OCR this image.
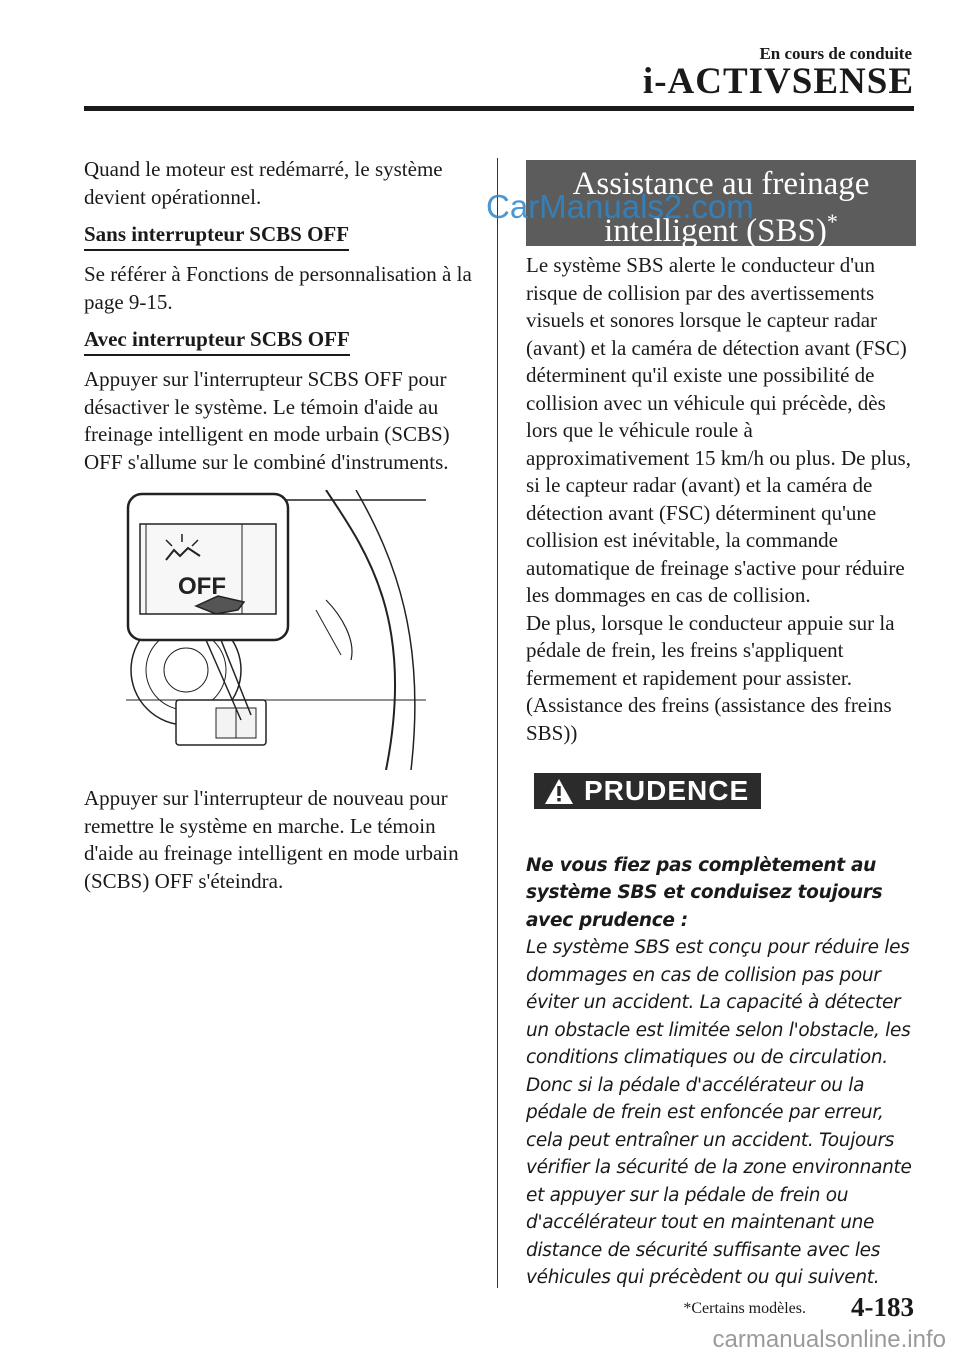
En cours de conduite
i-ACTIVSENSE
CarManuals2.com

Quand le moteur est redémarré, le système devient opérationnel.

Sans interrupteur SCBS OFF

Se référer à Fonctions de personnalisation à la page 9-15.

Avec interrupteur SCBS OFF

Appuyer sur l'interrupteur SCBS OFF pour désactiver le système. Le témoin d'aide au freinage intelligent en mode urbain (SCBS) OFF s'allume sur le combiné d'instruments.

OFF

Appuyer sur l'interrupteur de nouveau pour remettre le système en marche. Le témoin d'aide au freinage intelligent en mode urbain (SCBS) OFF s'éteindra.

Assistance au freinage
intelligent (SBS)*

Le système SBS alerte le conducteur d'un risque de collision par des avertissements visuels et sonores lorsque le capteur radar (avant) et la caméra de détection avant (FSC) déterminent qu'il existe une possibilité de collision avec un véhicule qui précède, dès lors que le véhicule roule à approximativement 15 km/h ou plus. De plus, si le capteur radar (avant) et la caméra de détection avant (FSC) déterminent qu'une collision est inévitable, la commande automatique de freinage s'active pour réduire les dommages en cas de collision.

De plus, lorsque le conducteur appuie sur la pédale de frein, les freins s'appliquent fermement et rapidement pour assister. (Assistance des freins (assistance des freins SBS))

PRUDENCE
Ne vous fiez pas complètement au système SBS et conduisez toujours avec prudence :
Le système SBS est conçu pour réduire les dommages en cas de collision pas pour éviter un accident. La capacité à détecter un obstacle est limitée selon l'obstacle, les conditions climatiques ou de circulation. Donc si la pédale d'accélérateur ou la pédale de frein est enfoncée par erreur, cela peut entraîner un accident. Toujours vérifier la sécurité de la zone environnante et appuyer sur la pédale de frein ou d'accélérateur tout en maintenant une distance de sécurité suffisante avec les véhicules qui précèdent ou qui suivent.
*Certains modèles. 4-183
carmanualsonline.info
